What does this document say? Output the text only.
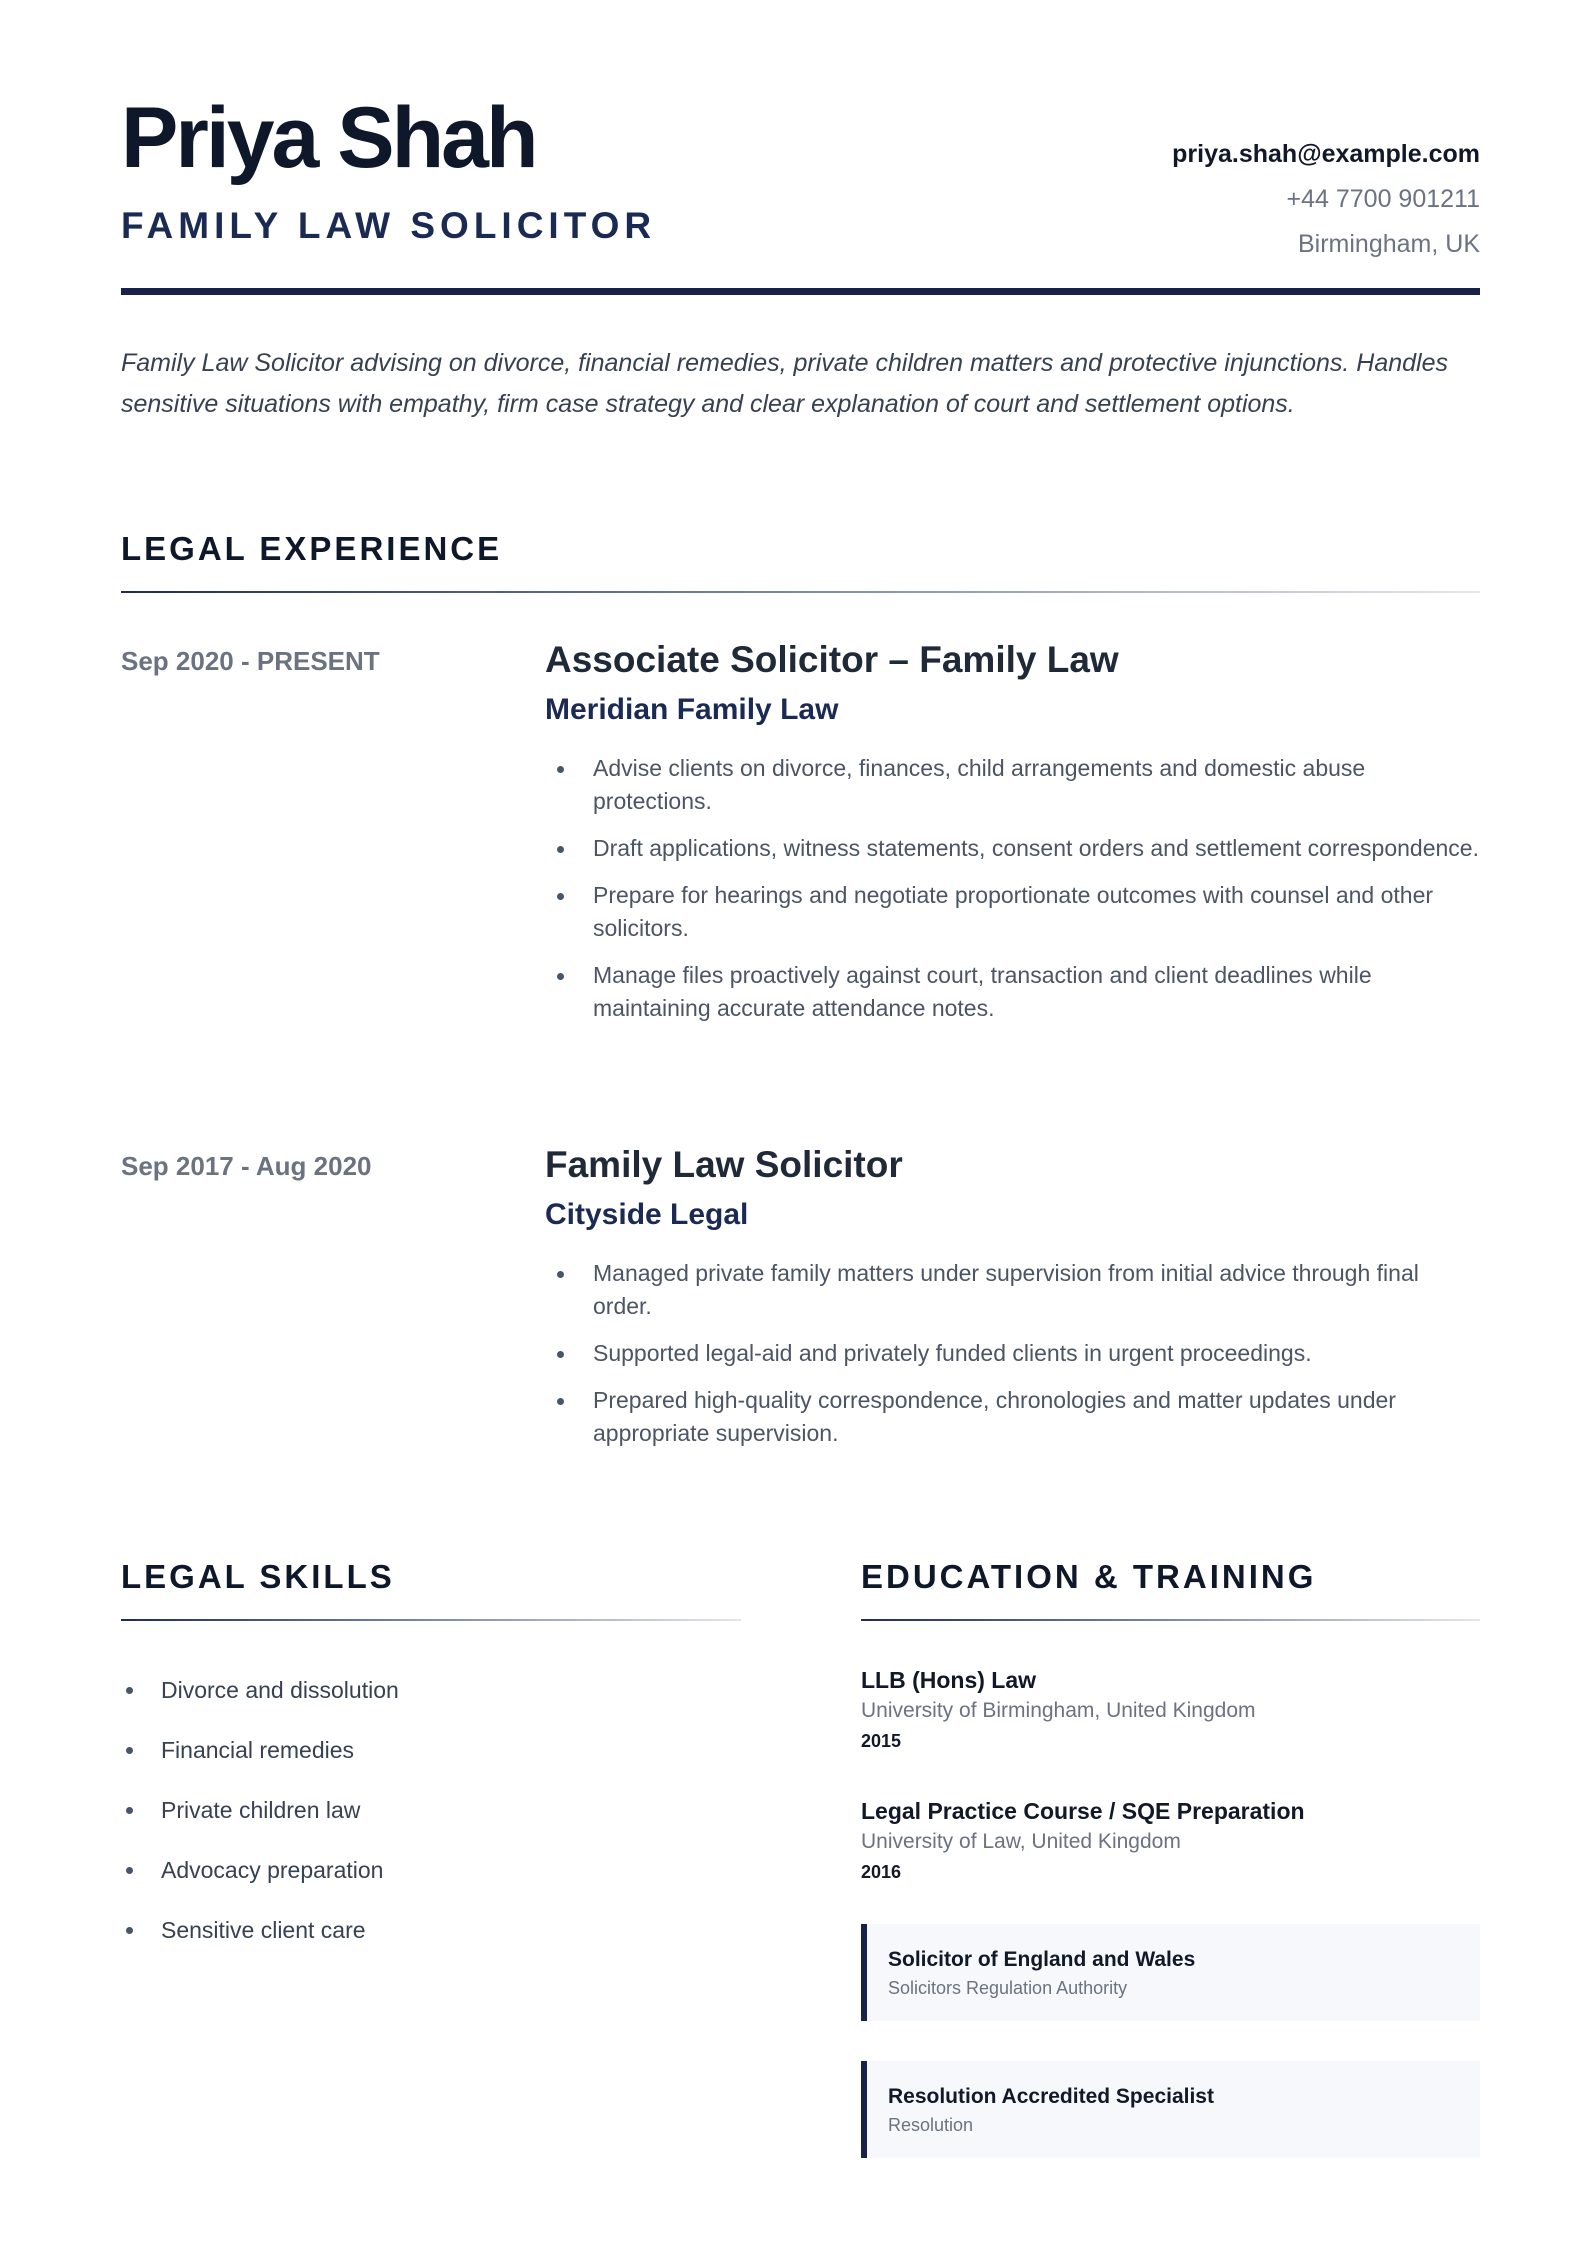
Priya Shah
FAMILY LAW SOLICITOR
priya.shah@example.com
+44 7700 901211
Birmingham, UK
Family Law Solicitor advising on divorce, financial remedies, private children matters and protective injunctions. Handles sensitive situations with empathy, firm case strategy and clear explanation of court and settlement options.
LEGAL EXPERIENCE
Sep 2020 - PRESENT	Associate Solicitor – Family Law
Meridian Family Law
Advise clients on divorce, finances, child arrangements and domestic abuse protections.
Draft applications, witness statements, consent orders and settlement correspondence.
Prepare for hearings and negotiate proportionate outcomes with counsel and other solicitors.
Manage files proactively against court, transaction and client deadlines while maintaining accurate attendance notes.
Sep 2017 - Aug 2020	Family Law Solicitor
Cityside Legal
Managed private family matters under supervision from initial advice through final order.
Supported legal-aid and privately funded clients in urgent proceedings.
Prepared high-quality correspondence, chronologies and matter updates under appropriate supervision.
LEGAL SKILLS
Divorce and dissolution
Financial remedies
Private children law
Advocacy preparation
Sensitive client care
EDUCATION & TRAINING
LLB (Hons) Law
University of Birmingham, United Kingdom
2015
Legal Practice Course / SQE Preparation
University of Law, United Kingdom
2016
Solicitor of England and Wales
Solicitors Regulation Authority
Resolution Accredited Specialist
Resolution
